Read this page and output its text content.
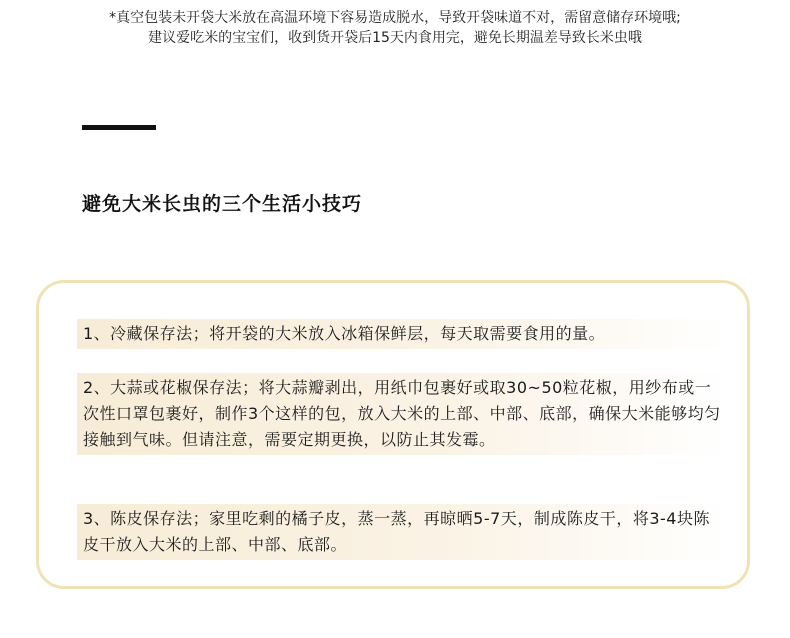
*真空包装未开袋大米放在高温环境下容易造成脱水，导致开袋味道不对，需留意储存环境哦;

建议爱吃米的宝宝们，收到货开袋后15天内食用完，避免长期温差导致长米虫哦

避免大米长虫的三个生活小技巧
1、冷藏保存法；将开袋的大米放入冰箱保鲜层，每天取需要食用的量。
2、大蒜或花椒保存法；将大蒜瓣剥出，用纸巾包裹好或取30~50粒花椒，用纱布或一次性口罩包裹好，制作3个这样的包，放入大米的上部、中部、底部，确保大米能够均匀接触到气味。但请注意，需要定期更换，以防止其发霉。
3、陈皮保存法；家里吃剩的橘子皮，蒸一蒸，再晾晒5-7天，制成陈皮干，将3-4块陈皮干放入大米的上部、中部、底部。
